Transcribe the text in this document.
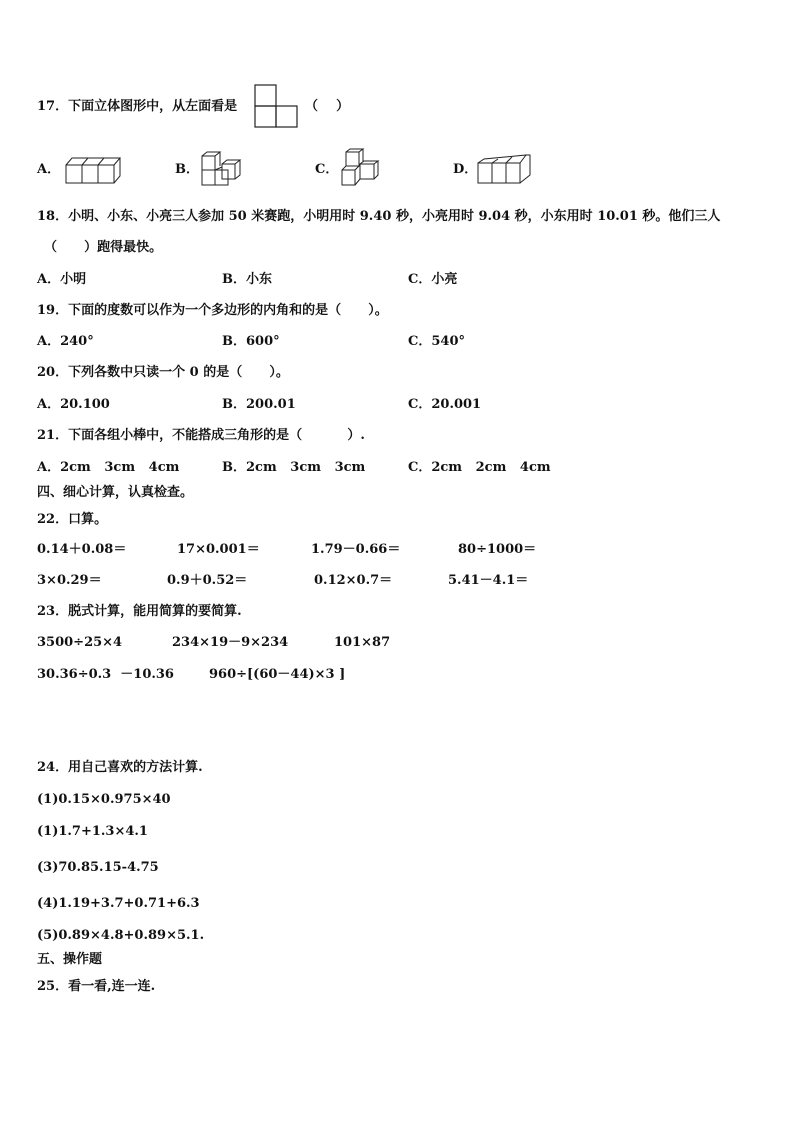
17．下面立体图形中，从左面看是	（    ）
A．	B．	C．	D．
18．小明、小东、小亮三人参加 50 米赛跑，小明用时 9.40 秒，小亮用时 9.04 秒，小东用时 10.01 秒。他们三人
（      ）跑得最快。
A．小明	B．小东	C．小亮
19．下面的度数可以作为一个多边形的内角和的是（      ）。
A．240°	B．600°	C．540°
20．下列各数中只读一个 0 的是（      ）。
A．20.100	B．200.01	C．20.001
21．下面各组小棒中，不能搭成三角形的是（          ）.
A．2cm   3cm   4cm	B．2cm   3cm   3cm	C．2cm   2cm   4cm
四、细心计算，认真检查。
22．口算。
0.14＋0.08＝	17×0.001＝	1.79－0.66＝	80÷1000＝
3×0.29＝	0.9＋0.52＝	0.12×0.7＝	5.41－4.1＝
23．脱式计算，能用简算的要简算.
3500÷25×4	234×19－9×234	101×87
30.36÷0.3  －10.36	960÷[(60－44)×3 ]
24．用自己喜欢的方法计算.
(1)0.15×0.975×40
(1)1.7+1.3×4.1
(3)70.85.15-4.75
(4)1.19+3.7+0.71+6.3
(5)0.89×4.8+0.89×5.1.
五、操作题
25．看一看,连一连.
